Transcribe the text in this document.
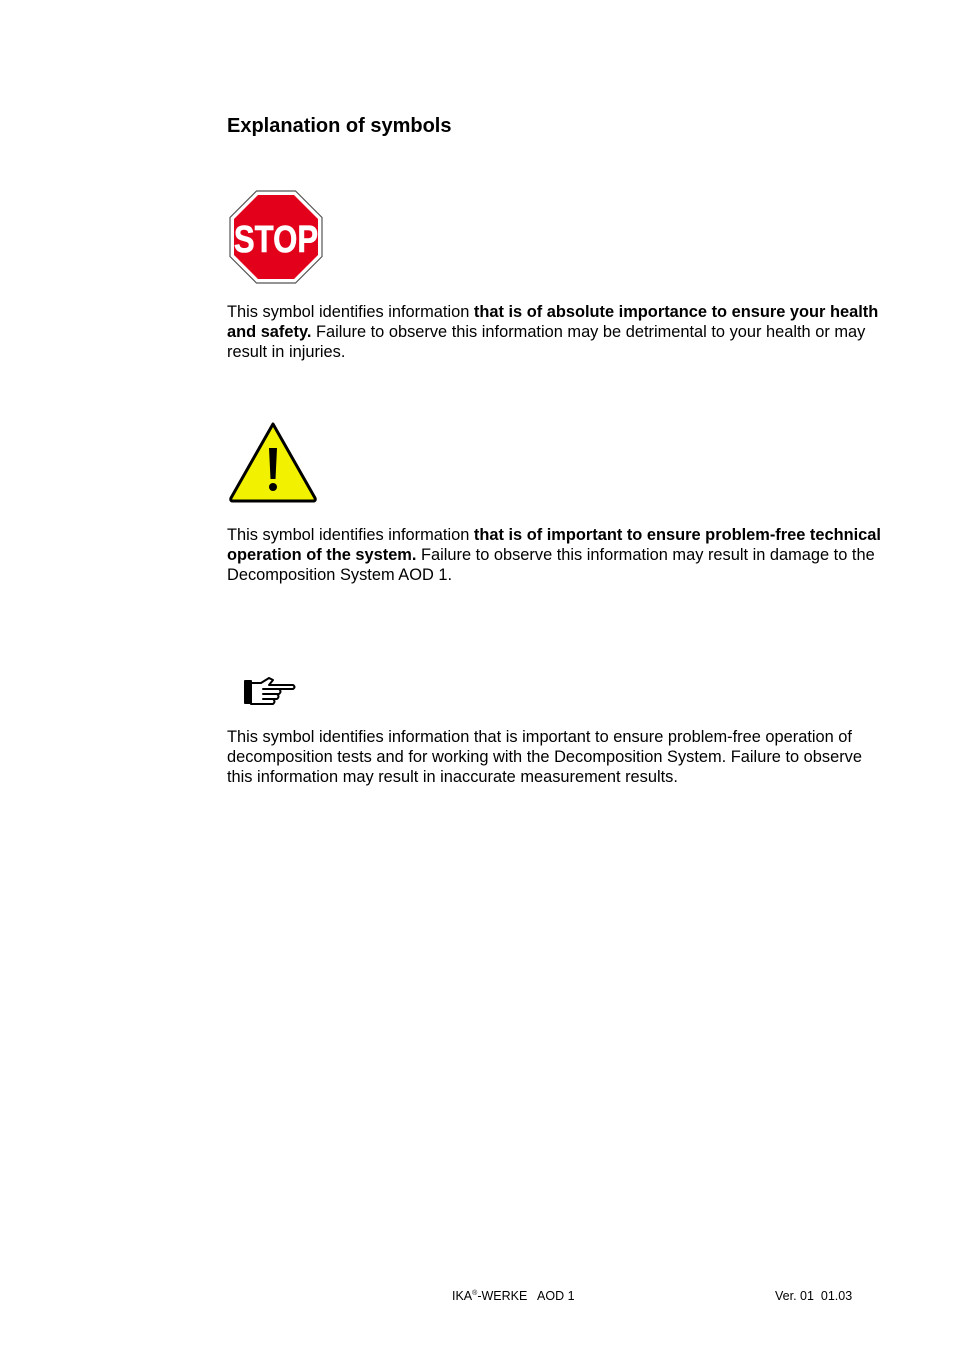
Explanation of symbols
STOP

This symbol identifies information that is of absolute importance to ensure your health and safety. Failure to observe this information may be detrimental to your health or may result in injuries.

This symbol identifies information that is of important to ensure problem-free technical operation of the system. Failure to observe this information may result in damage to the Decomposition System AOD 1.

This symbol identifies information that is important to ensure problem-free operation of decomposition tests and for working with the Decomposition System. Failure to observe this information may result in inaccurate measurement results.

IKA®-WERKE   AOD 1	Ver. 01  01.03
